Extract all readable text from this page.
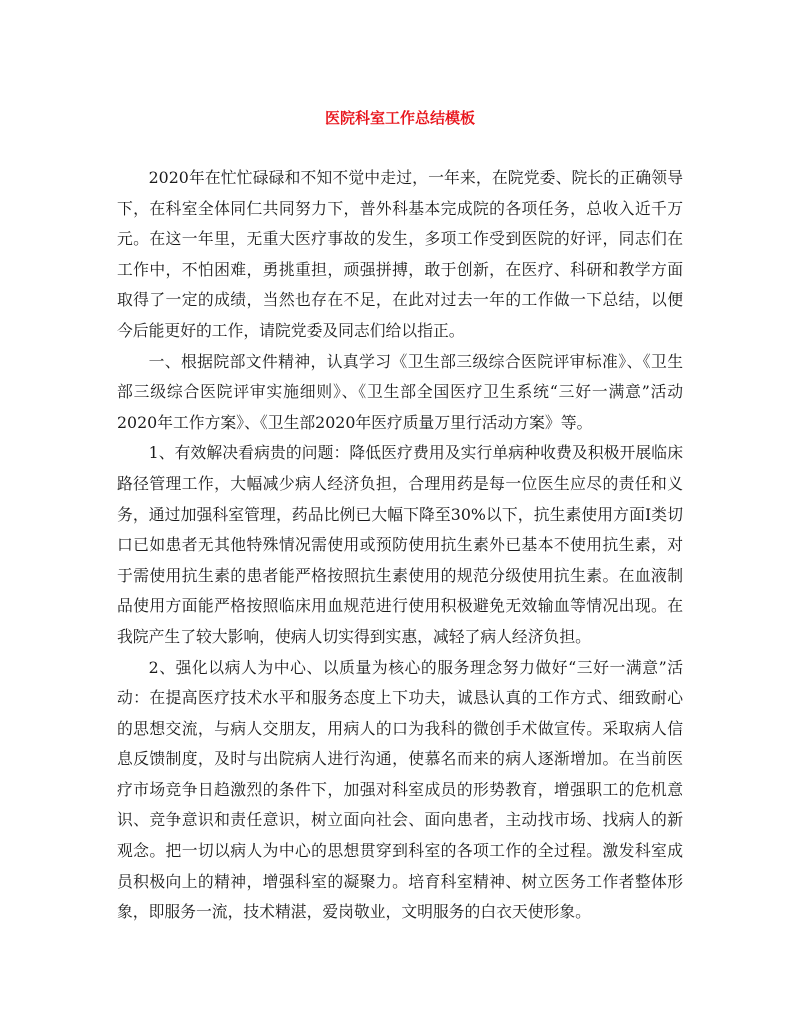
医院科室工作总结模板

2020年在忙忙碌碌和不知不觉中走过，一年来，在院党委、院长的正确领导下，在科室全体同仁共同努力下，普外科基本完成院的各项任务，总收入近千万元。在这一年里，无重大医疗事故的发生，多项工作受到医院的好评，同志们在工作中，不怕困难，勇挑重担，顽强拼搏，敢于创新，在医疗、科研和教学方面取得了一定的成绩，当然也存在不足，在此对过去一年的工作做一下总结，以便今后能更好的工作，请院党委及同志们给以指正。

一、根据院部文件精神，认真学习《卫生部三级综合医院评审标准》、《卫生部三级综合医院评审实施细则》、《卫生部全国医疗卫生系统“三好一满意”活动2020年工作方案》、《卫生部2020年医疗质量万里行活动方案》等。

1、有效解决看病贵的问题：降低医疗费用及实行单病种收费及积极开展临床路径管理工作，大幅减少病人经济负担，合理用药是每一位医生应尽的责任和义务，通过加强科室管理，药品比例已大幅下降至30%以下，抗生素使用方面I类切口已如患者无其他特殊情况需使用或预防使用抗生素外已基本不使用抗生素，对于需使用抗生素的患者能严格按照抗生素使用的规范分级使用抗生素。在血液制品使用方面能严格按照临床用血规范进行使用积极避免无效输血等情况出现。在我院产生了较大影响，使病人切实得到实惠，减轻了病人经济负担。

2、强化以病人为中心、以质量为核心的服务理念努力做好“三好一满意”活动：在提高医疗技术水平和服务态度上下功夫，诚恳认真的工作方式、细致耐心的思想交流，与病人交朋友，用病人的口为我科的微创手术做宣传。采取病人信息反馈制度，及时与出院病人进行沟通，使慕名而来的病人逐渐增加。在当前医疗市场竞争日趋激烈的条件下，加强对科室成员的形势教育，增强职工的危机意识、竞争意识和责任意识，树立面向社会、面向患者，主动找市场、找病人的新观念。把一切以病人为中心的思想贯穿到科室的各项工作的全过程。激发科室成员积极向上的精神，增强科室的凝聚力。培育科室精神、树立医务工作者整体形象，即服务一流，技术精湛，爱岗敬业，文明服务的白衣天使形象。
